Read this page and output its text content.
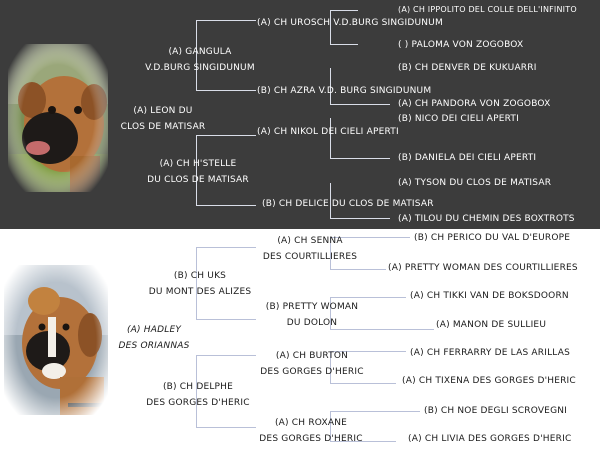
(A) CH IPPOLITO DEL COLLE DELL'INFINITO
(A) CH UROSCH V.D.BURG SINGIDUNUM
( ) PALOMA VON ZOGOBOX
(A) GANGULA
V.D.BURG SINGIDUNUM	(B) CH DENVER DE KUKUARRI
(B) CH AZRA V.D. BURG SINGIDUNUM
(A) CH PANDORA VON ZOGOBOX
(A) LEON DU
CLOS DE MATISAR
(B) NICO DEI CIELI APERTI
(A) CH NIKOL DEI CIELI APERTI
(B) DANIELA DEI CIELI APERTI
(A) CH H'STELLE
DU CLOS DE MATISAR	(A) TYSON DU CLOS DE MATISAR
(B) CH DELICE DU CLOS DE MATISAR
(A) TILOU DU CHEMIN DES BOXTROTS
(B) CH PERICO DU VAL D'EUROPE
(A) CH SENNA
DES COURTILLIERES
(A) PRETTY WOMAN DES COURTILLIERES
(B) CH UKS
DU MONT DES ALIZES	(A) CH TIKKI VAN DE BOKSDOORN
(B) PRETTY WOMAN
DU DOLON	(A) MANON DE SULLIEU
(A) HADLEY
DES ORIANNAS
(A) CH BURTON
DES GORGES D'HERIC
(A) CH FERRARRY DE LAS ARILLAS
(A) CH TIXENA DES GORGES D'HERIC
(B) CH DELPHE
DES GORGES D'HERIC
(B) CH NOE DEGLI SCROVEGNI
(A) CH ROXANE
DES GORGES D'HERIC	(A) CH LIVIA DES GORGES D'HERIC
